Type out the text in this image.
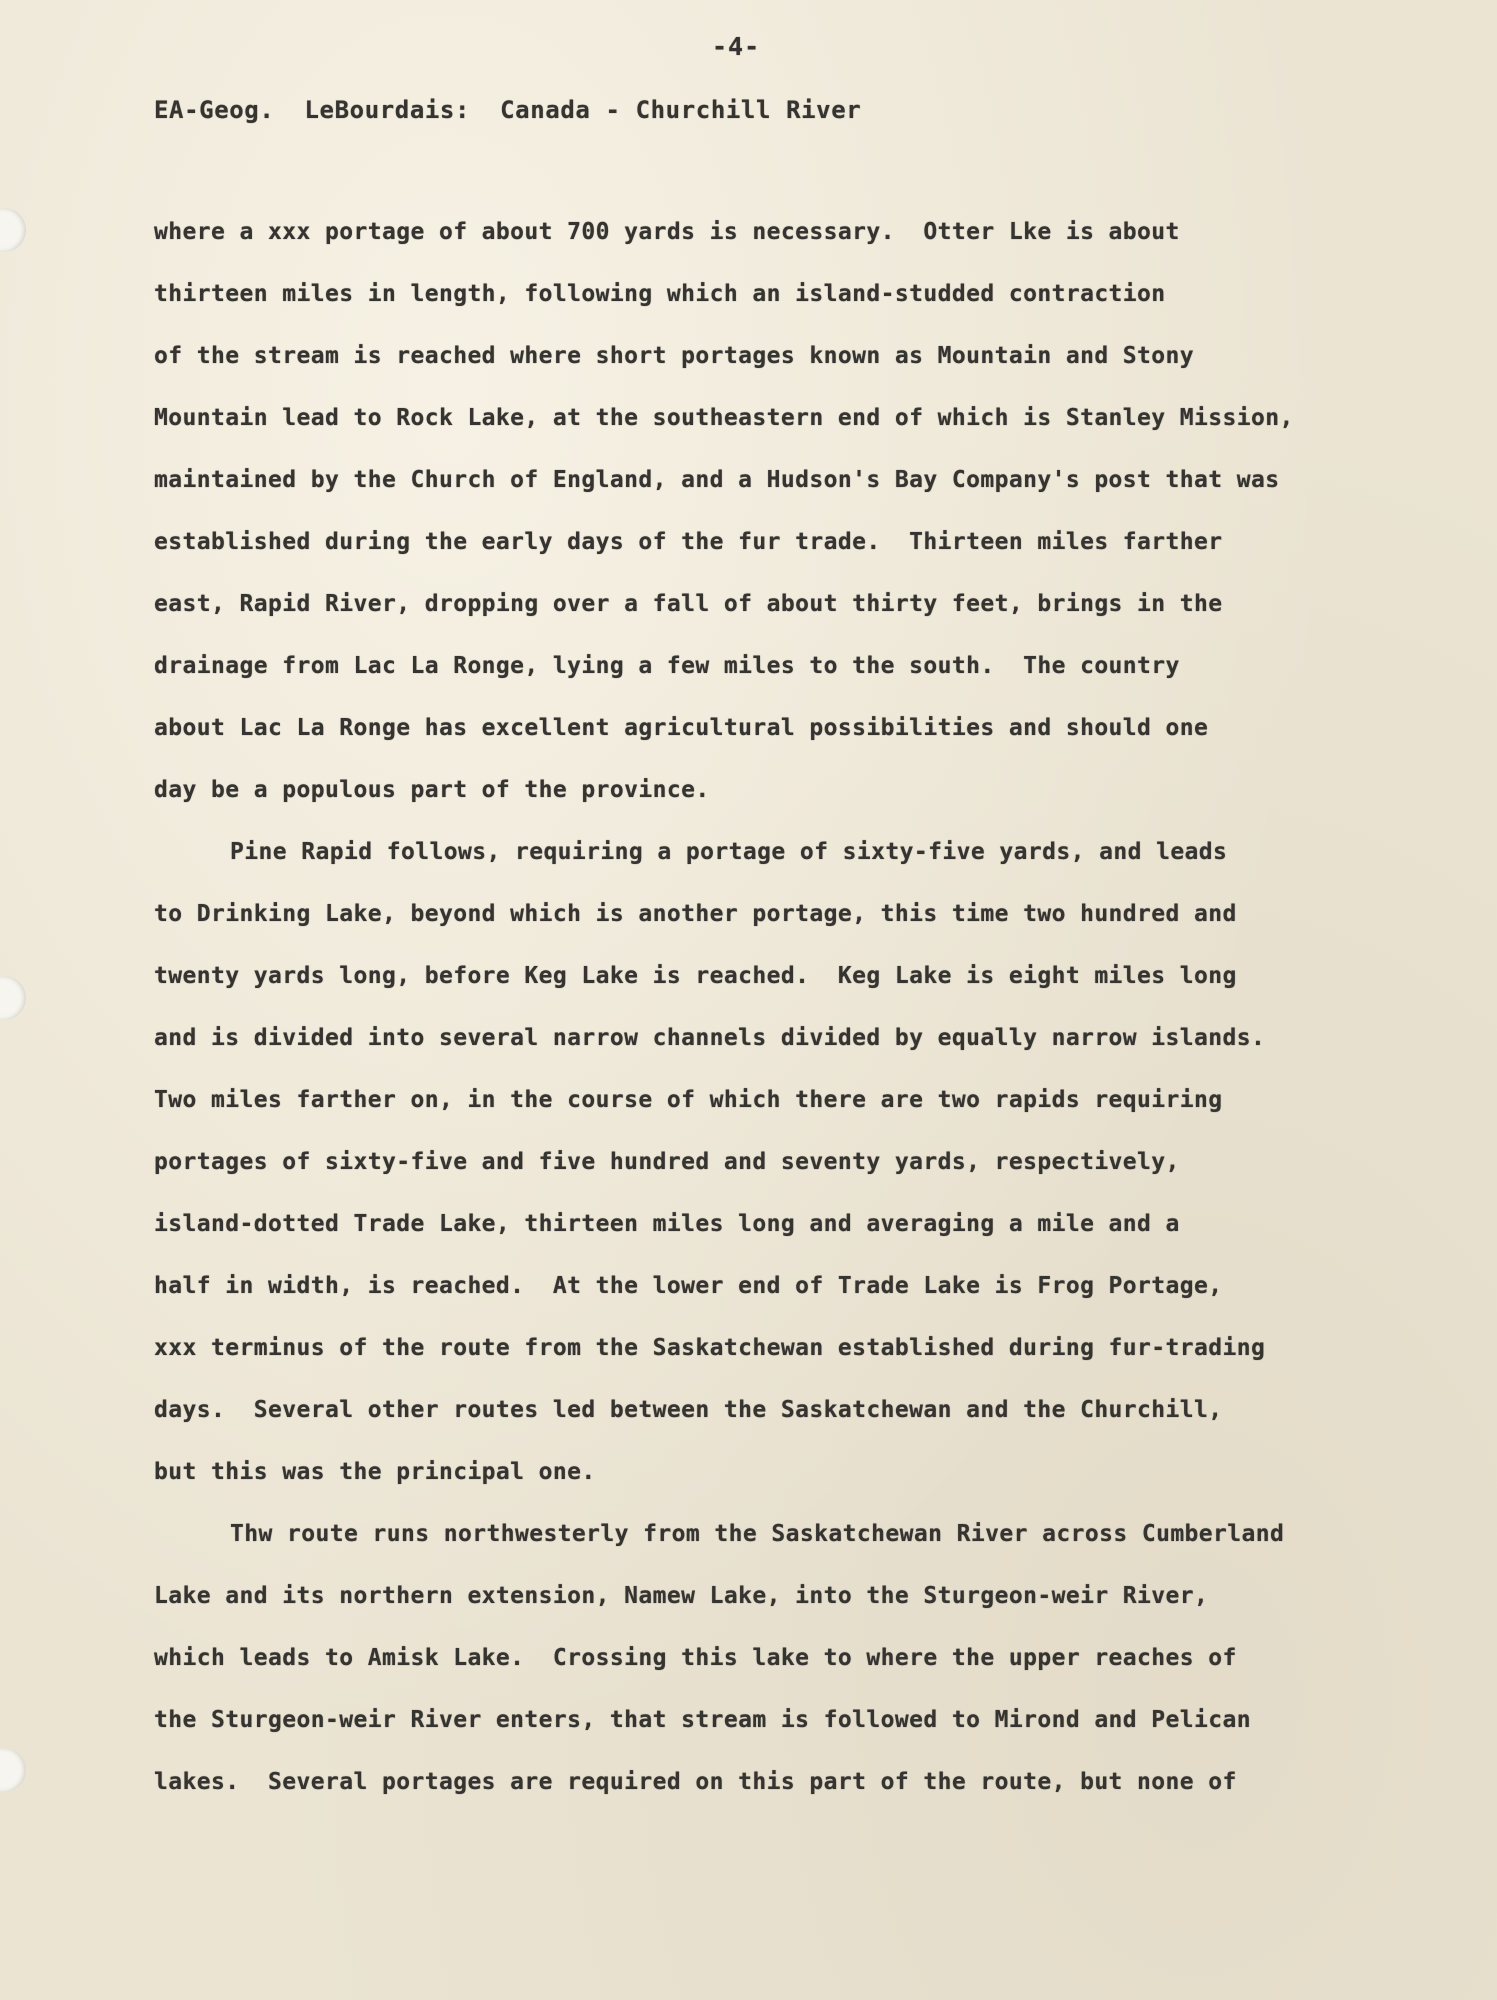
-4-
EA-Geog.  LeBourdais:  Canada - Churchill River
where a xxx portage of about 700 yards is necessary.  Otter Lke is about
thirteen miles in length, following which an island-studded contraction
of the stream is reached where short portages known as Mountain and Stony
Mountain lead to Rock Lake, at the southeastern end of which is Stanley Mission,
maintained by the Church of England, and a Hudson's Bay Company's post that was
established during the early days of the fur trade.  Thirteen miles farther
east, Rapid River, dropping over a fall of about thirty feet, brings in the
drainage from Lac La Ronge, lying a few miles to the south.  The country
about Lac La Ronge has excellent agricultural possibilities and should one
day be a populous part of the province.
Pine Rapid follows, requiring a portage of sixty-five yards, and leads
to Drinking Lake, beyond which is another portage, this time two hundred and
twenty yards long, before Keg Lake is reached.  Keg Lake is eight miles long
and is divided into several narrow channels divided by equally narrow islands.
Two miles farther on, in the course of which there are two rapids requiring
portages of sixty-five and five hundred and seventy yards, respectively,
island-dotted Trade Lake, thirteen miles long and averaging a mile and a
half in width, is reached.  At the lower end of Trade Lake is Frog Portage,
xxx terminus of the route from the Saskatchewan established during fur-trading
days.  Several other routes led between the Saskatchewan and the Churchill,
but this was the principal one.
Thw route runs northwesterly from the Saskatchewan River across Cumberland
Lake and its northern extension, Namew Lake, into the Sturgeon-weir River,
which leads to Amisk Lake.  Crossing this lake to where the upper reaches of
the Sturgeon-weir River enters, that stream is followed to Mirond and Pelican
lakes.  Several portages are required on this part of the route, but none of
